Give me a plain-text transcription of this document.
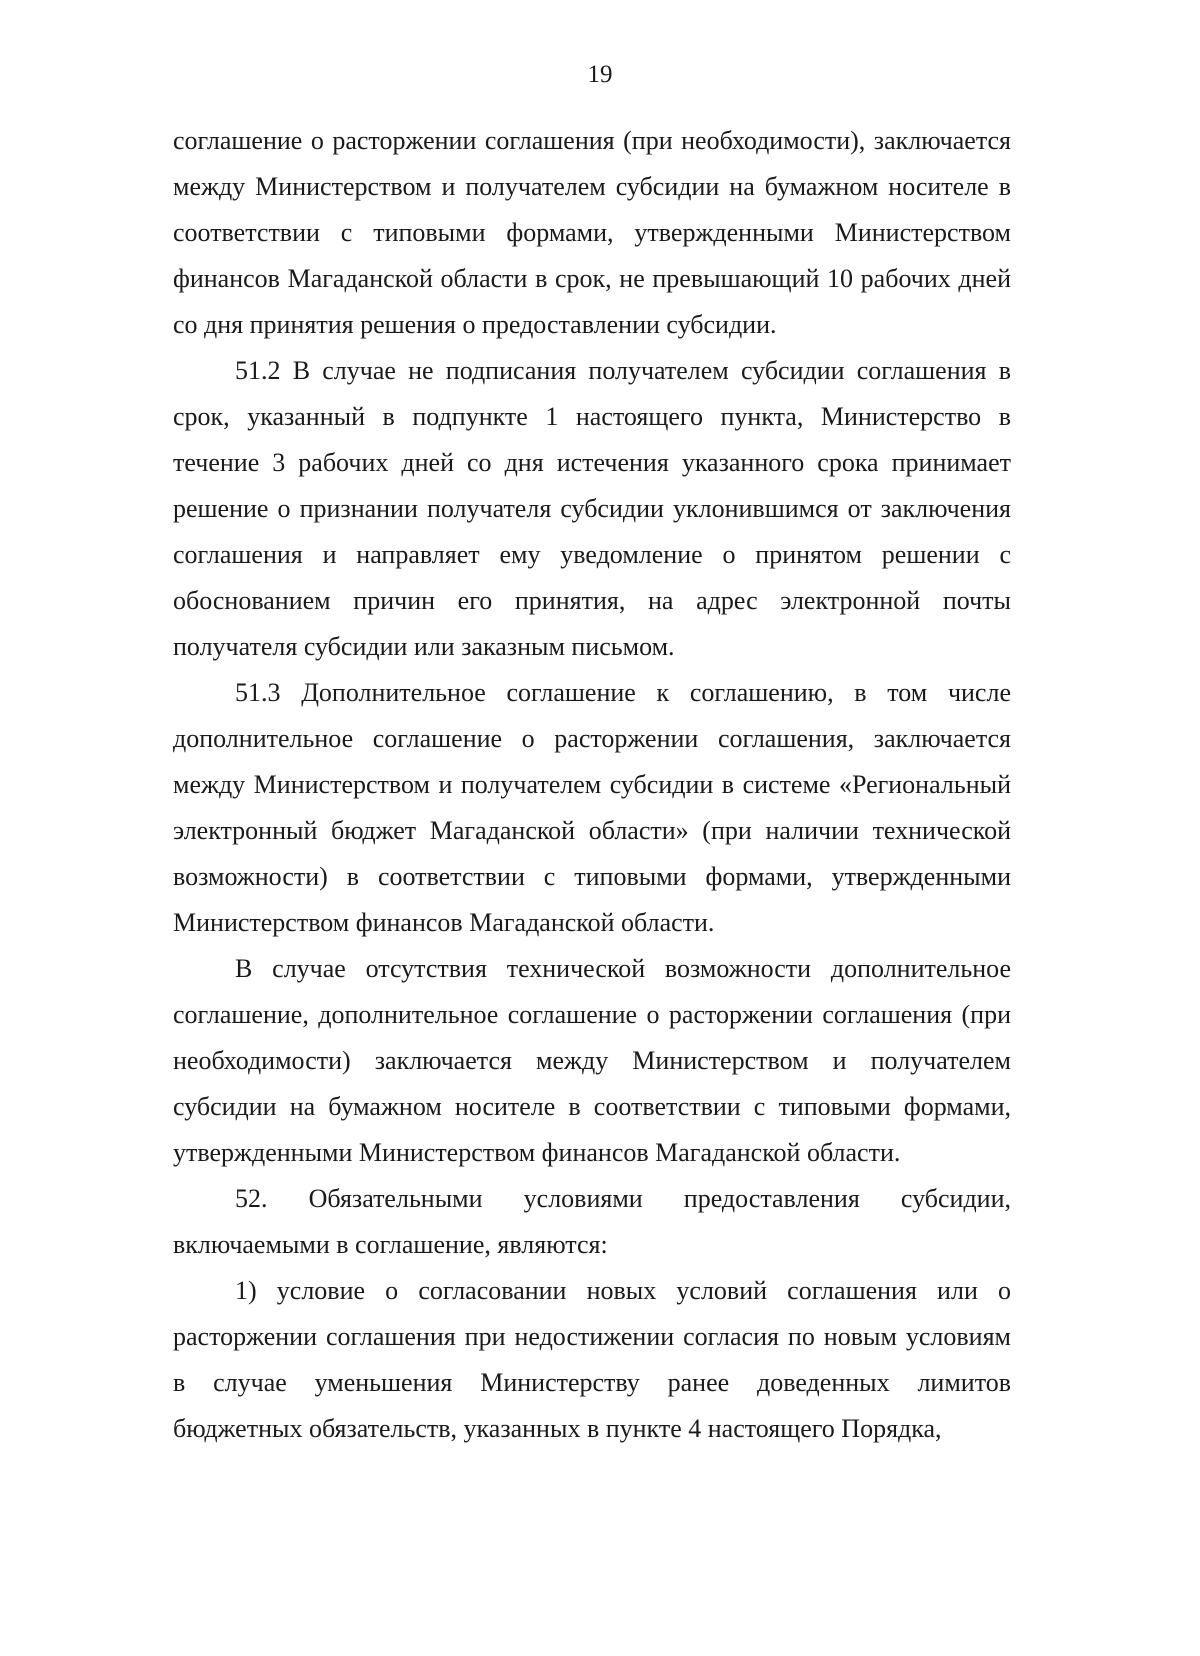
19

соглашение о расторжении соглашения (при необходимости), заключается между Министерством и получателем субсидии на бумажном носителе в соответствии с типовыми формами, утвержденными Министерством финансов Магаданской области в срок, не превышающий 10 рабочих дней со дня принятия решения о предоставлении субсидии.

51.2 В случае не подписания получателем субсидии соглашения в срок, указанный в подпункте 1 настоящего пункта, Министерство в течение 3 рабочих дней со дня истечения указанного срока принимает решение о признании получателя субсидии уклонившимся от заключения соглашения и направляет ему уведомление о принятом решении с обоснованием причин его принятия, на адрес электронной почты получателя субсидии или заказным письмом.

51.3 Дополнительное соглашение к соглашению, в том числе дополнительное соглашение о расторжении соглашения, заключается между Министерством и получателем субсидии в системе «Региональный электронный бюджет Магаданской области» (при наличии технической возможности) в соответствии с типовыми формами, утвержденными Министерством финансов Магаданской области.

В случае отсутствия технической возможности дополнительное соглашение, дополнительное соглашение о расторжении соглашения (при необходимости) заключается между Министерством и получателем субсидии на бумажном носителе в соответствии с типовыми формами, утвержденными Министерством финансов Магаданской области.

52. Обязательными условиями предоставления субсидии, включаемыми в соглашение, являются:

1) условие о согласовании новых условий соглашения или о расторжении соглашения при недостижении согласия по новым условиям в случае уменьшения Министерству ранее доведенных лимитов бюджетных обязательств, указанных в пункте 4 настоящего Порядка,
